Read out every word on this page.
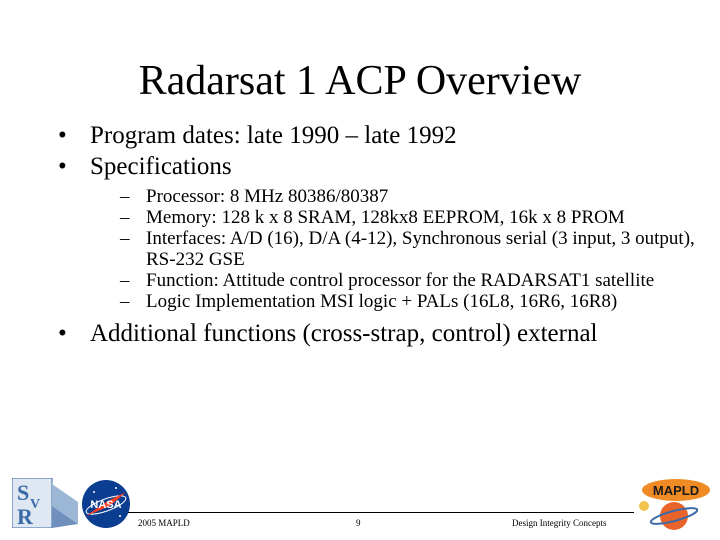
Radarsat 1 ACP Overview
• Program dates: late 1990 – late 1992
• Specifications
– Processor: 8 MHz 80386/80387
– Memory: 128 k x 8 SRAM, 128kx8 EEPROM, 16k x 8 PROM
– Interfaces: A/D (16), D/A (4-12), Synchronous serial (3 input, 3 output), RS-232 GSE
– Function: Attitude control processor for the RADARSAT1 satellite
– Logic Implementation MSI logic + PALs (16L8, 16R6, 16R8)
• Additional functions (cross-strap, control) external
S V
R	NASA
MAPLD
2005 MAPLD	9	Design Integrity Concepts
